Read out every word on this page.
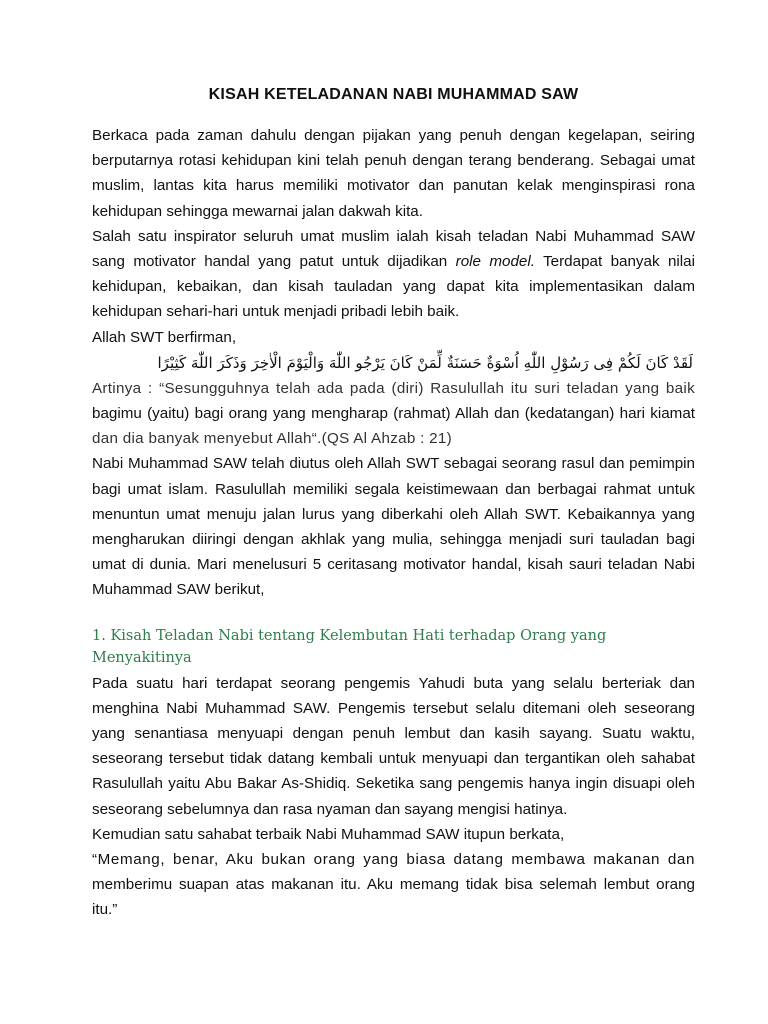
KISAH KETELADANAN NABI MUHAMMAD SAW

Berkaca pada zaman dahulu dengan pijakan yang penuh dengan kegelapan, seiring berputarnya rotasi kehidupan kini telah penuh dengan terang benderang. Sebagai umat muslim, lantas kita harus memiliki motivator dan panutan kelak menginspirasi rona kehidupan sehingga mewarnai jalan dakwah kita.

Salah satu inspirator seluruh umat muslim ialah kisah teladan Nabi Muhammad SAW sang motivator handal yang patut untuk dijadikan role model. Terdapat banyak nilai kehidupan, kebaikan, dan kisah tauladan yang dapat kita implementasikan dalam kehidupan sehari-hari untuk menjadi pribadi lebih baik.

Allah SWT berfirman,

لَقَدْ كَانَ لَكُمْ فِى رَسُوْلِ اللّٰهِ اُسْوَةٌ حَسَنَةٌ لِّمَنْ كَانَ يَرْجُو اللّٰهَ وَالْيَوْمَ الْاٰخِرَ وَذَكَرَ اللّٰهَ كَثِيْرًا

Artinya : “Sesungguhnya telah ada pada (diri) Rasulullah itu suri teladan yang baik

bagimu (yaitu) bagi orang yang mengharap (rahmat) Allah dan (kedatangan) hari kiamat

dan dia banyak menyebut Allah“.(QS Al Ahzab : 21)

Nabi Muhammad SAW telah diutus oleh Allah SWT sebagai seorang rasul dan pemimpin bagi umat islam. Rasulullah memiliki segala keistimewaan dan berbagai rahmat untuk menuntun umat menuju jalan lurus yang diberkahi oleh Allah SWT. Kebaikannya yang mengharukan diiringi dengan akhlak yang mulia, sehingga menjadi suri tauladan bagi umat di dunia. Mari menelusuri 5 ceritasang motivator handal, kisah sauri teladan Nabi Muhammad SAW berikut,

1. Kisah Teladan Nabi tentang Kelembutan Hati terhadap Orang yang Menyakitinya

Pada suatu hari terdapat seorang pengemis Yahudi buta yang selalu berteriak dan menghina Nabi Muhammad SAW. Pengemis tersebut selalu ditemani oleh seseorang yang senantiasa menyuapi dengan penuh lembut dan kasih sayang. Suatu waktu, seseorang tersebut tidak datang kembali untuk menyuapi dan tergantikan oleh sahabat Rasulullah yaitu Abu Bakar As-Shidiq. Seketika sang pengemis hanya ingin disuapi oleh seseorang sebelumnya dan rasa nyaman dan sayang mengisi hatinya.

Kemudian satu sahabat terbaik Nabi Muhammad SAW itupun berkata,

“Memang, benar, Aku bukan orang yang biasa datang membawa makanan dan

memberimu suapan atas makanan itu. Aku memang tidak bisa selemah lembut orang itu.”
